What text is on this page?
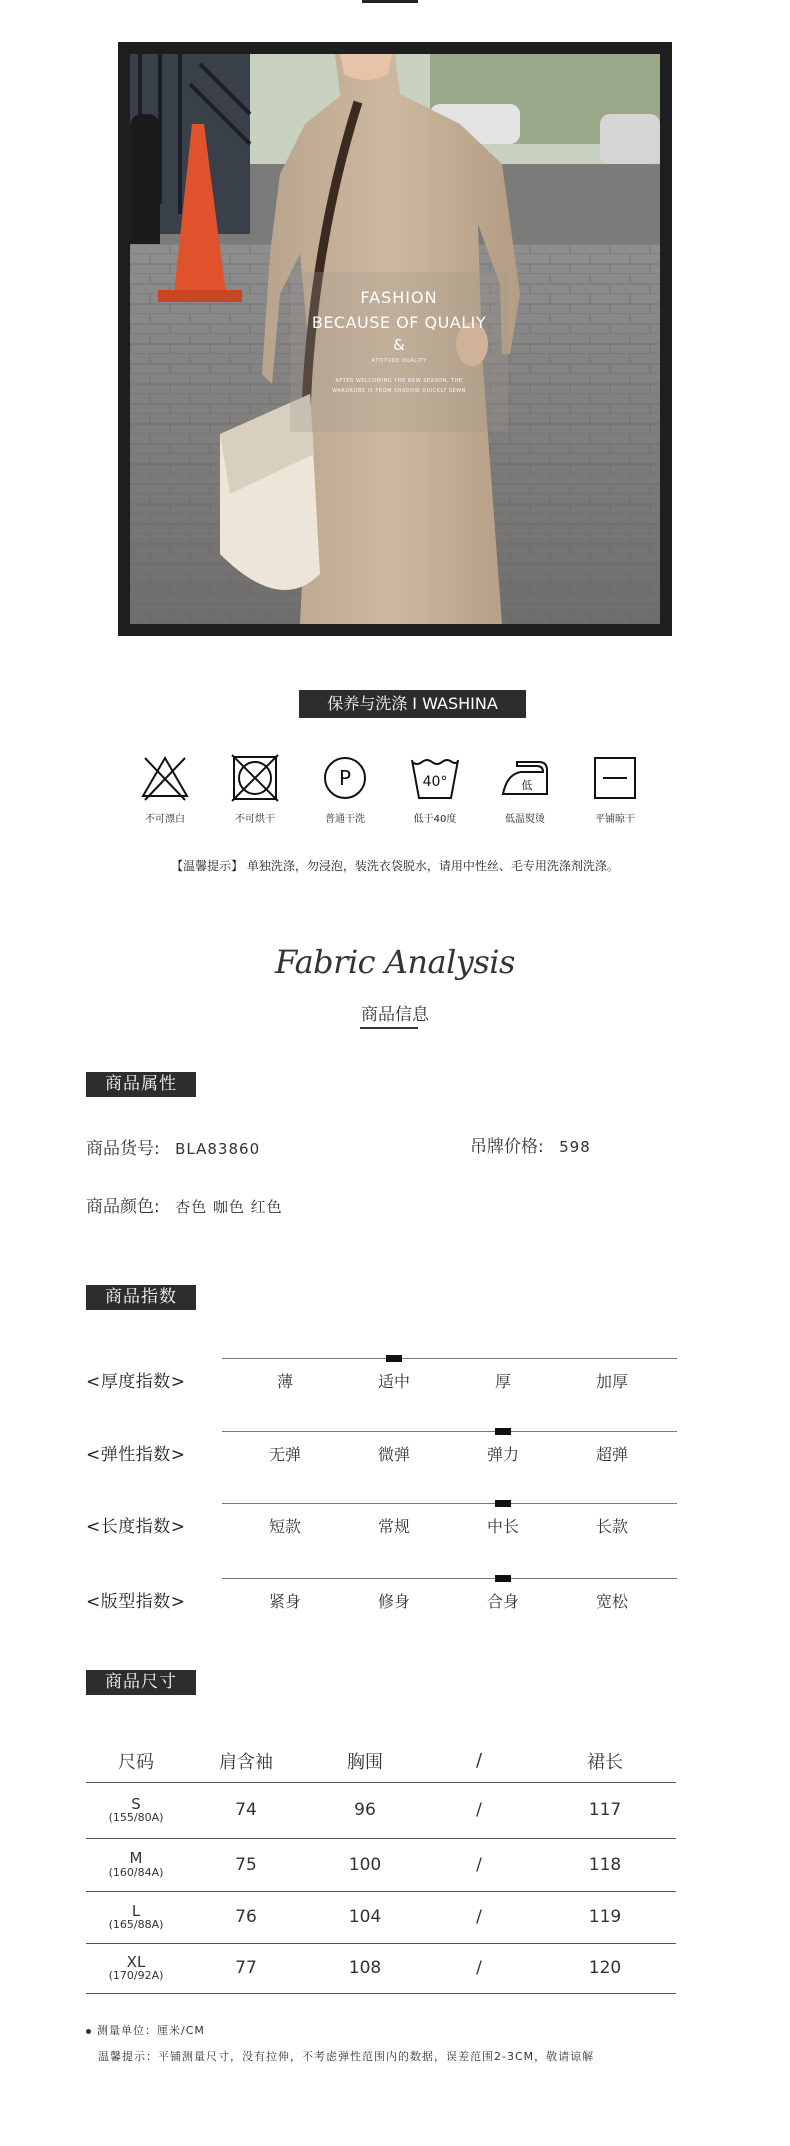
FASHION
BECAUSE OF QUALIY
&
ATTITUDE QUALITY
AFTER WELCOMING THE NEW SEASON, THE
WARDROBE IS FROM SHADOW QUICKLY SEWN
保养与洗涤 I WASHINA
不可漂白	不可烘干
P
普通干洗
40°
低于40度
低
低温熨烫	平铺晾干
【温馨提示】 单独洗涤，勿浸泡，装洗衣袋脱水，请用中性丝、毛专用洗涤剂洗涤。
Fabric Analysis
商品信息
商品属性
商品货号: BLA83860	吊牌价格: 598
商品颜色: 杏色 咖色 红色
商品指数
<厚度指数>	薄	适中	厚	加厚
<弹性指数>	无弹	微弹	弹力	超弹
<长度指数>	短款	常规	中长	长款
<版型指数>	紧身	修身	合身	宽松
商品尺寸
尺码	肩含袖	胸围	/	裙长

S
(155/80A)	74	96	/	117

M
(160/84A)	75	100	/	118

L
(165/88A)	76	104	/	119

XL
(170/92A)	77	108	/	120
测量单位：厘米/CM
温馨提示：平铺测量尺寸，没有拉伸，不考虑弹性范围内的数据，误差范围2-3CM，敬请谅解
